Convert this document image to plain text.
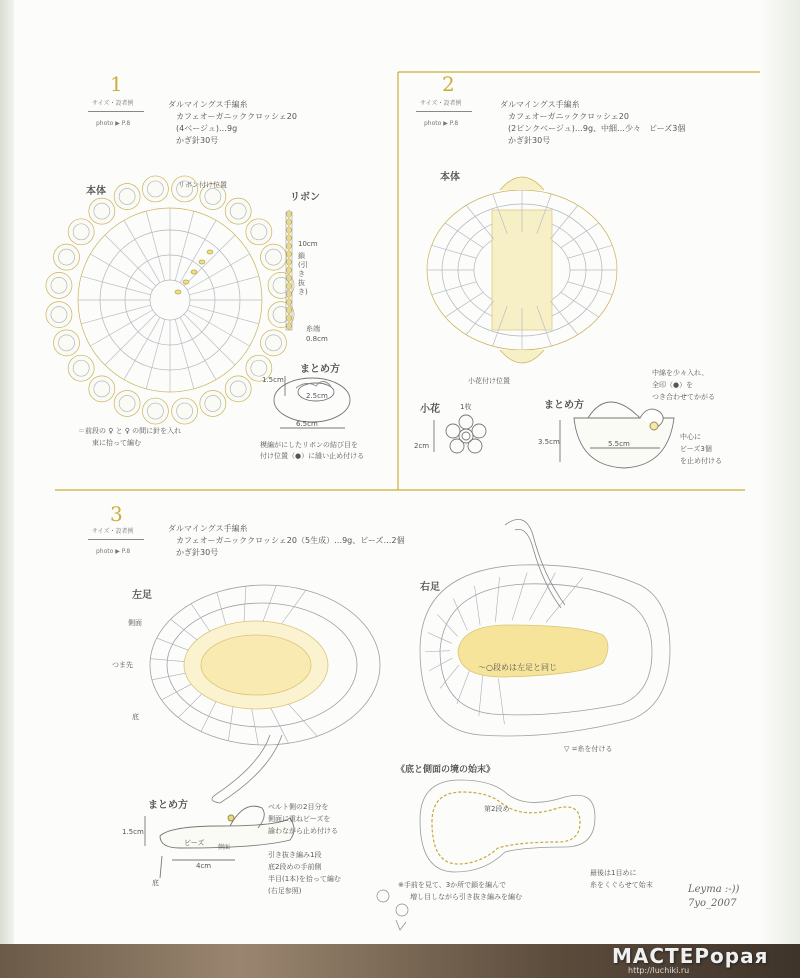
1
サイズ・設者例
photo ▶ P.8
ダルマイングス手編糸
カフェオーガニッククロッシェ20
(4ベージュ)…9g
かぎ針30号
本体
リボン付け位置
リボン
10cm
鎖(引き抜き)
糸端
0.8cm
まとめ方
1.5cm
2.5cm
6.5cm
＝前段の ♀ と ♀ の間に針を入れ
束に拾って編む	模編がにしたリボンの結び目を
付け位置（●）に縫い止め付ける
2
サイズ・設者例
photo ▶ P.8
ダルマイングス手編糸
カフェオーガニッククロッシェ20
(2ピンクベージュ)…9g、中細…少々　ビーズ3個
かぎ針30号
本体
小花付け位置
小花	1枚
2cm
まとめ方
3.5cm	5.5cm
中綿を少々入れ、
全印（●）を
つき合わせてかがる
中心に
ビーズ3個
を止め付ける
3
サイズ・設者例
photo ▶ P.8
ダルマイングス手編糸
カフェオーガニッククロッシェ20（5生成）…9g、ビーズ…2個
かぎ針30号
左足
側面
つま先
底
右足
〜○段めは左足と同じ
▽ =糸を付ける
《底と側面の境の始末》
第2段め
まとめ方
1.5cm
4cm
ビーズ
側面
底
ベルト側の2目分を
側面に重ねビーズを
諭わながら止め付ける
引き抜き編み1段
底2段めの手前側
半目(1本)を拾って編む
(右足参照)
※手前を見て、3か所で鎖を編んで
増し目しながら引き抜き編みを編む
最後は1目めに
糸をくぐらせて始末	Leyma :-))
7yo_2007
МАСТЕРорая
http://luchiki.ru
